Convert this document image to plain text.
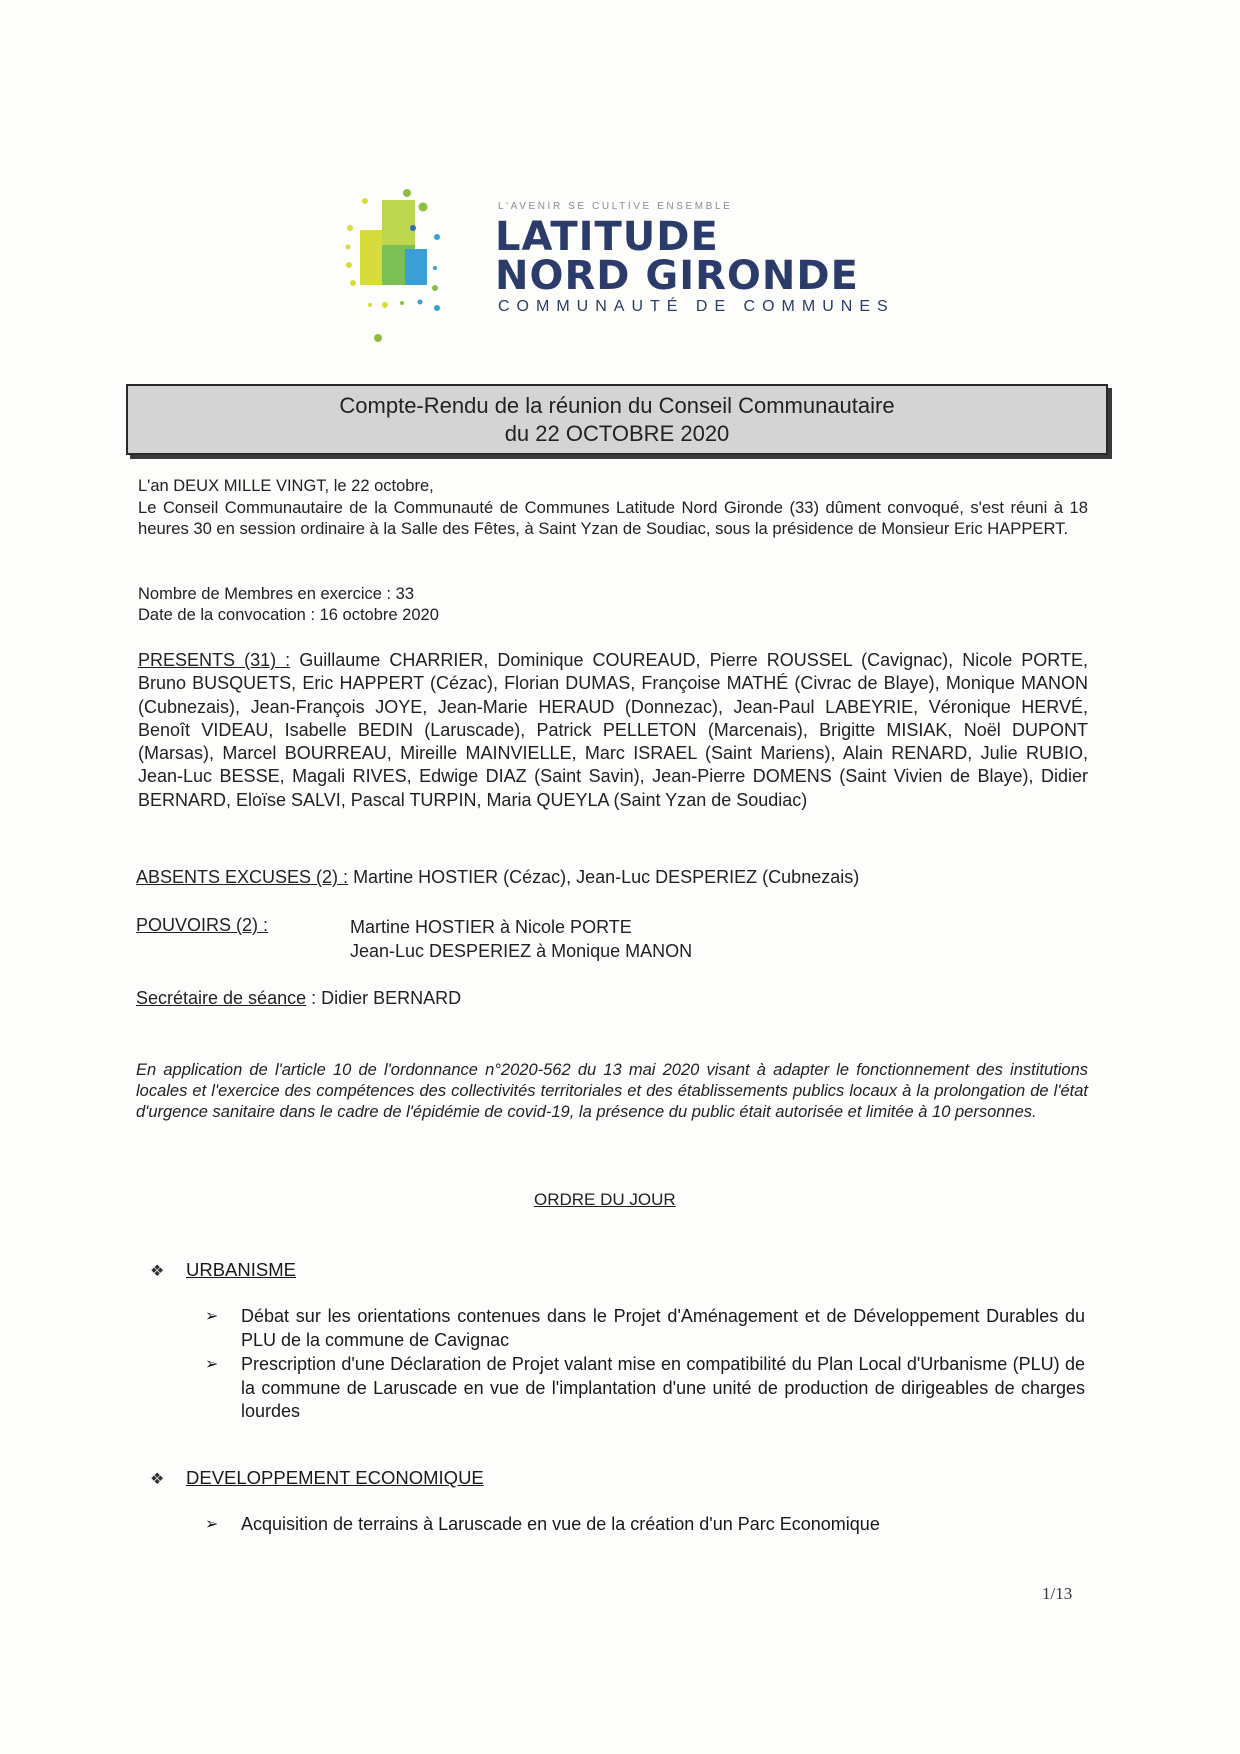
L'AVENIR SE CULTIVE ENSEMBLE
LATITUDE
NORD GIRONDE
COMMUNAUTÉ DE COMMUNES
Compte-Rendu de la réunion du Conseil Communautaire
du 22 OCTOBRE 2020
L'an DEUX MILLE VINGT, le 22 octobre,
Le Conseil Communautaire de la Communauté de Communes Latitude Nord Gironde (33) dûment convoqué, s'est réuni à 18 heures 30 en session ordinaire à la Salle des Fêtes, à Saint Yzan de Soudiac, sous la présidence de Monsieur Eric HAPPERT.
Nombre de Membres en exercice : 33
Date de la convocation : 16 octobre 2020
PRESENTS (31) : Guillaume CHARRIER, Dominique COUREAUD, Pierre ROUSSEL (Cavignac), Nicole PORTE, Bruno BUSQUETS, Eric HAPPERT (Cézac), Florian DUMAS, Françoise MATHÉ (Civrac de Blaye), Monique MANON (Cubnezais), Jean-François JOYE, Jean-Marie HERAUD (Donnezac), Jean-Paul LABEYRIE, Véronique HERVÉ, Benoît VIDEAU, Isabelle BEDIN (Laruscade), Patrick PELLETON (Marcenais), Brigitte MISIAK, Noël DUPONT (Marsas), Marcel BOURREAU, Mireille MAINVIELLE, Marc ISRAEL (Saint Mariens), Alain RENARD, Julie RUBIO, Jean-Luc BESSE, Magali RIVES, Edwige DIAZ (Saint Savin), Jean-Pierre DOMENS (Saint Vivien de Blaye), Didier BERNARD, Eloïse SALVI, Pascal TURPIN, Maria QUEYLA (Saint Yzan de Soudiac)
ABSENTS EXCUSES (2) : Martine HOSTIER (Cézac), Jean-Luc DESPERIEZ (Cubnezais)
POUVOIRS (2) :	Martine HOSTIER à Nicole PORTE
Jean-Luc DESPERIEZ à Monique MANON
Secrétaire de séance : Didier BERNARD
En application de l'article 10 de l'ordonnance n°2020-562 du 13 mai 2020 visant à adapter le fonctionnement des institutions locales et l'exercice des compétences des collectivités territoriales et des établissements publics locaux à la prolongation de l'état d'urgence sanitaire dans le cadre de l'épidémie de covid-19, la présence du public était autorisée et limitée à 10 personnes.
ORDRE DU JOUR
❖ URBANISME
➢ Débat sur les orientations contenues dans le Projet d'Aménagement et de Développement Durables du PLU de la commune de Cavignac
➢ Prescription d'une Déclaration de Projet valant mise en compatibilité du Plan Local d'Urbanisme (PLU) de la commune de Laruscade en vue de l'implantation d'une unité de production de dirigeables de charges lourdes
❖ DEVELOPPEMENT ECONOMIQUE
➢ Acquisition de terrains à Laruscade en vue de la création d'un Parc Economique
1/13
